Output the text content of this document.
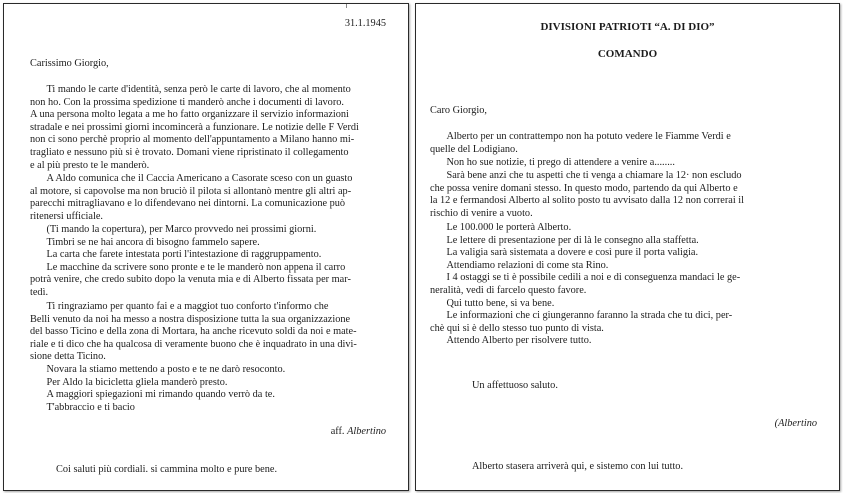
31.1.1945
Carissimo Giorgio,
Ti mando le carte d'identità, senza però le carte di lavoro, che al momento
non ho. Con la prossima spedizione ti manderò anche i documenti di lavoro.
A una persona molto legata a me ho fatto organizzare il servizio informazioni
stradale e nei prossimi giorni incomincerà a funzionare. Le notizie delle F Verdi
non ci sono perchè proprio al momento dell'appuntamento a Milano hanno mi-
tragliato e nessuno più si è trovato. Domani viene ripristinato il collegamento
e al più presto te le manderò.
A Aldo comunica che il Caccia Americano a Casorate sceso con un guasto
al motore, si capovolse ma non bruciò il pilota si allontanò mentre gli altri ap-
parecchi mitragliavano e lo difendevano nei dintorni. La comunicazione può
ritenersi ufficiale.
(Ti mando la copertura), per Marco provvedo nei prossimi giorni.
Timbri se ne hai ancora di bisogno fammelo sapere.
La carta che farete intestata porti l'intestazione di raggruppamento.
Le macchine da scrivere sono pronte e te le manderò non appena il carro
potrà venire, che credo subito dopo la venuta mia e di Alberto fissata per mar-
tedì.
Ti ringraziamo per quanto fai e a maggiot tuo conforto t'informo che
Belli venuto da noi ha messo a nostra disposizione tutta la sua organizzazione
del basso Ticino e della zona di Mortara, ha anche ricevuto soldi da noi e mate-
riale e ti dico che ha qualcosa di veramente buono che è inquadrato in una divi-
sione detta Ticino.
Novara la stiamo mettendo a posto e te ne darò resoconto.
Per Aldo la bicicletta gliela manderò presto.
A maggiori spiegazioni mi rimando quando verrò da te.
T'abbraccio e ti bacio
aff. Albertino
Coi saluti più cordiali. si cammina molto e pure bene.
DIVISIONI PATRIOTI “A. DI DIO”
COMANDO
Caro Giorgio,
Alberto per un contrattempo non ha potuto vedere le Fiamme Verdi e
quelle del Lodigiano.
Non ho sue notizie, ti prego di attendere a venire a........
Sarà bene anzi che tu aspetti che ti venga a chiamare la 12· non escludo
che possa venire domani stesso. In questo modo, partendo da qui Alberto e
la 12 e fermandosi Alberto al solito posto tu avvisato dalla 12 non correrai il
rischio di venire a vuoto.
Le 100.000 le porterà Alberto.
Le lettere di presentazione per di là le consegno alla staffetta.
La valigia sarà sistemata a dovere e così pure il porta valigia.
Attendiamo relazioni di come sta Rino.
I 4 ostaggi se ti è possibile cedili a noi e di conseguenza mandaci le ge-
neralità, vedi di farcelo questo favore.
Qui tutto bene, si va bene.
Le informazioni che ci giungeranno faranno la strada che tu dici, per-
chè qui si è dello stesso tuo punto di vista.
Attendo Alberto per risolvere tutto.
Un affettuoso saluto.
(Albertino
Alberto stasera arriverà qui, e sistemo con lui tutto.
